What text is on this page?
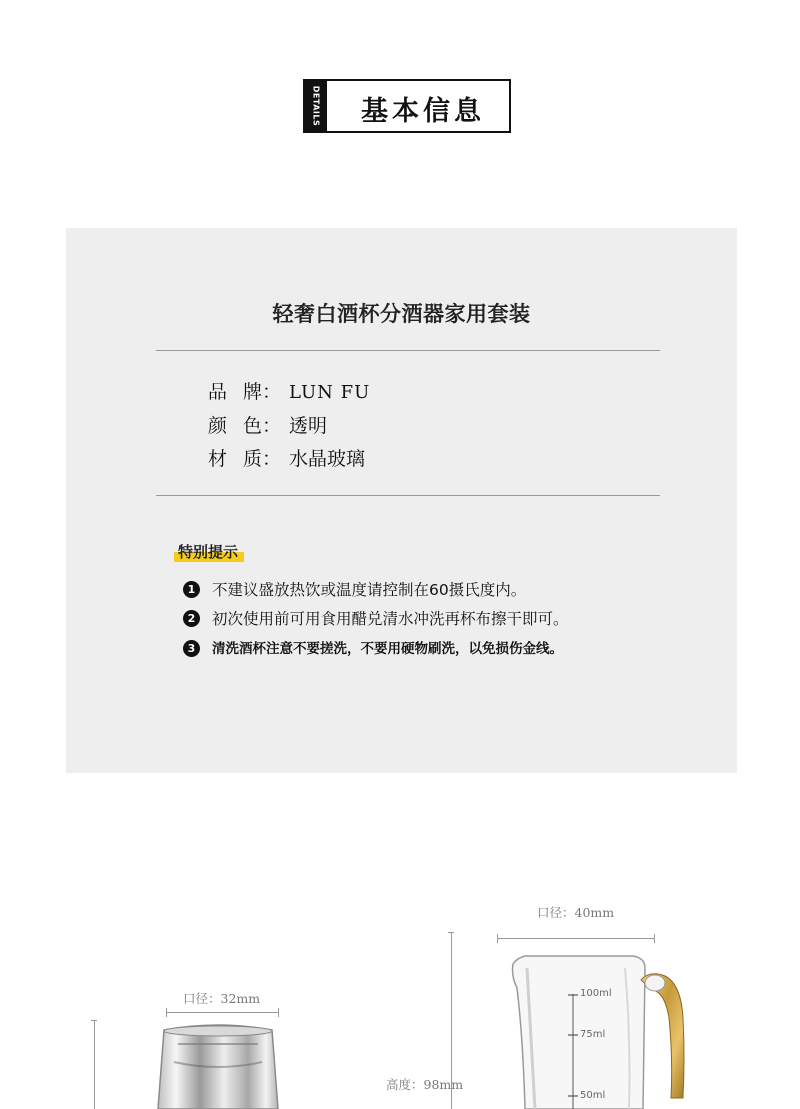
DETAILS 基本信息
轻奢白酒杯分酒器家用套装
品牌： LUN FU
颜色： 透明
材质： 水晶玻璃
特别提示
1 不建议盛放热饮或温度请控制在60摄氏度内。
2 初次使用前可用食用醋兑清水冲洗再杯布擦干即可。
3 清洗酒杯注意不要搓洗，不要用硬物刷洗，以免损伤金线。
口径：40mm
高度：98mm
口径：32mm	100ml
75ml
50ml
